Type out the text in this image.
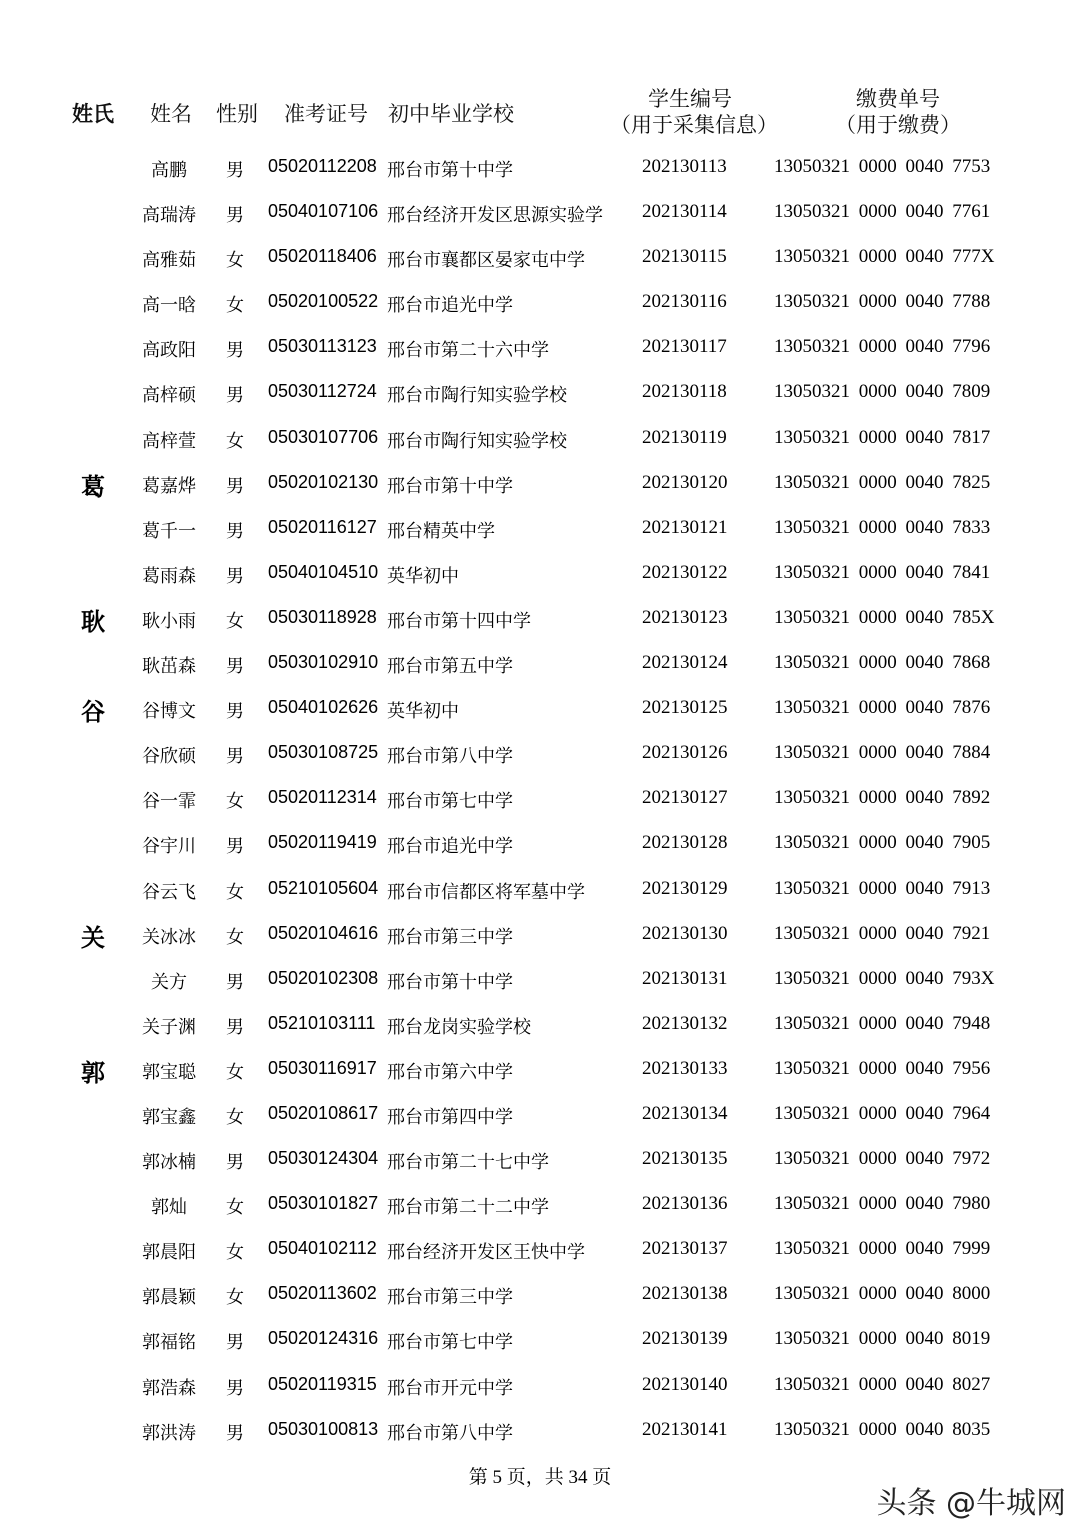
姓氏 姓名 性别 准考证号 初中毕业学校
学生编号
（用于采集信息）
缴费单号
（用于缴费）
高鹏	男 05020112208 邢台市第十中学	202130113 13050321 0000 0040 7753
高瑞涛	男 05040107106 邢台经济开发区思源实验学 202130114 13050321 0000 0040 7761
高雅茹	女 05020118406 邢台市襄都区晏家屯中学	202130115 13050321 0000 0040 777X
高一晗	女 05020100522 邢台市追光中学	202130116 13050321 0000 0040 7788
高政阳	男 05030113123 邢台市第二十六中学	202130117 13050321 0000 0040 7796
高梓硕	男 05030112724 邢台市陶行知实验学校	202130118 13050321 0000 0040 7809
高梓萱	女 05030107706 邢台市陶行知实验学校	202130119 13050321 0000 0040 7817
葛	葛嘉烨	男 05020102130 邢台市第十中学	202130120 13050321 0000 0040 7825
葛千一	男 05020116127 邢台精英中学	202130121 13050321 0000 0040 7833
葛雨森	男 05040104510 英华初中	202130122 13050321 0000 0040 7841
耿	耿小雨	女 05030118928 邢台市第十四中学	202130123 13050321 0000 0040 785X
耿茁森	男 05030102910 邢台市第五中学	202130124 13050321 0000 0040 7868
谷	谷博文	男 05040102626 英华初中	202130125 13050321 0000 0040 7876
谷欣硕	男 05030108725 邢台市第八中学	202130126 13050321 0000 0040 7884
谷一霏	女 05020112314 邢台市第七中学	202130127 13050321 0000 0040 7892
谷宇川	男 05020119419 邢台市追光中学	202130128 13050321 0000 0040 7905
谷云飞	女 05210105604 邢台市信都区将军墓中学	202130129 13050321 0000 0040 7913
关	关冰冰	女 05020104616 邢台市第三中学	202130130 13050321 0000 0040 7921
关方	男 05020102308 邢台市第十中学	202130131 13050321 0000 0040 793X
关子渊	男 05210103111 邢台龙岗实验学校	202130132 13050321 0000 0040 7948
郭	郭宝聪	女 05030116917 邢台市第六中学	202130133 13050321 0000 0040 7956
郭宝鑫	女 05020108617 邢台市第四中学	202130134 13050321 0000 0040 7964
郭冰楠	男 05030124304 邢台市第二十七中学	202130135 13050321 0000 0040 7972
郭灿	女 05030101827 邢台市第二十二中学	202130136 13050321 0000 0040 7980
郭晨阳	女 05040102112 邢台经济开发区王快中学	202130137 13050321 0000 0040 7999
郭晨颖	女 05020113602 邢台市第三中学	202130138 13050321 0000 0040 8000
郭福铭	男 05020124316 邢台市第七中学	202130139 13050321 0000 0040 8019
郭浩森	男 05020119315 邢台市开元中学	202130140 13050321 0000 0040 8027
郭洪涛	男 05030100813 邢台市第八中学	202130141 13050321 0000 0040 8035
第 5 页，共 34 页
头条 @牛城网
